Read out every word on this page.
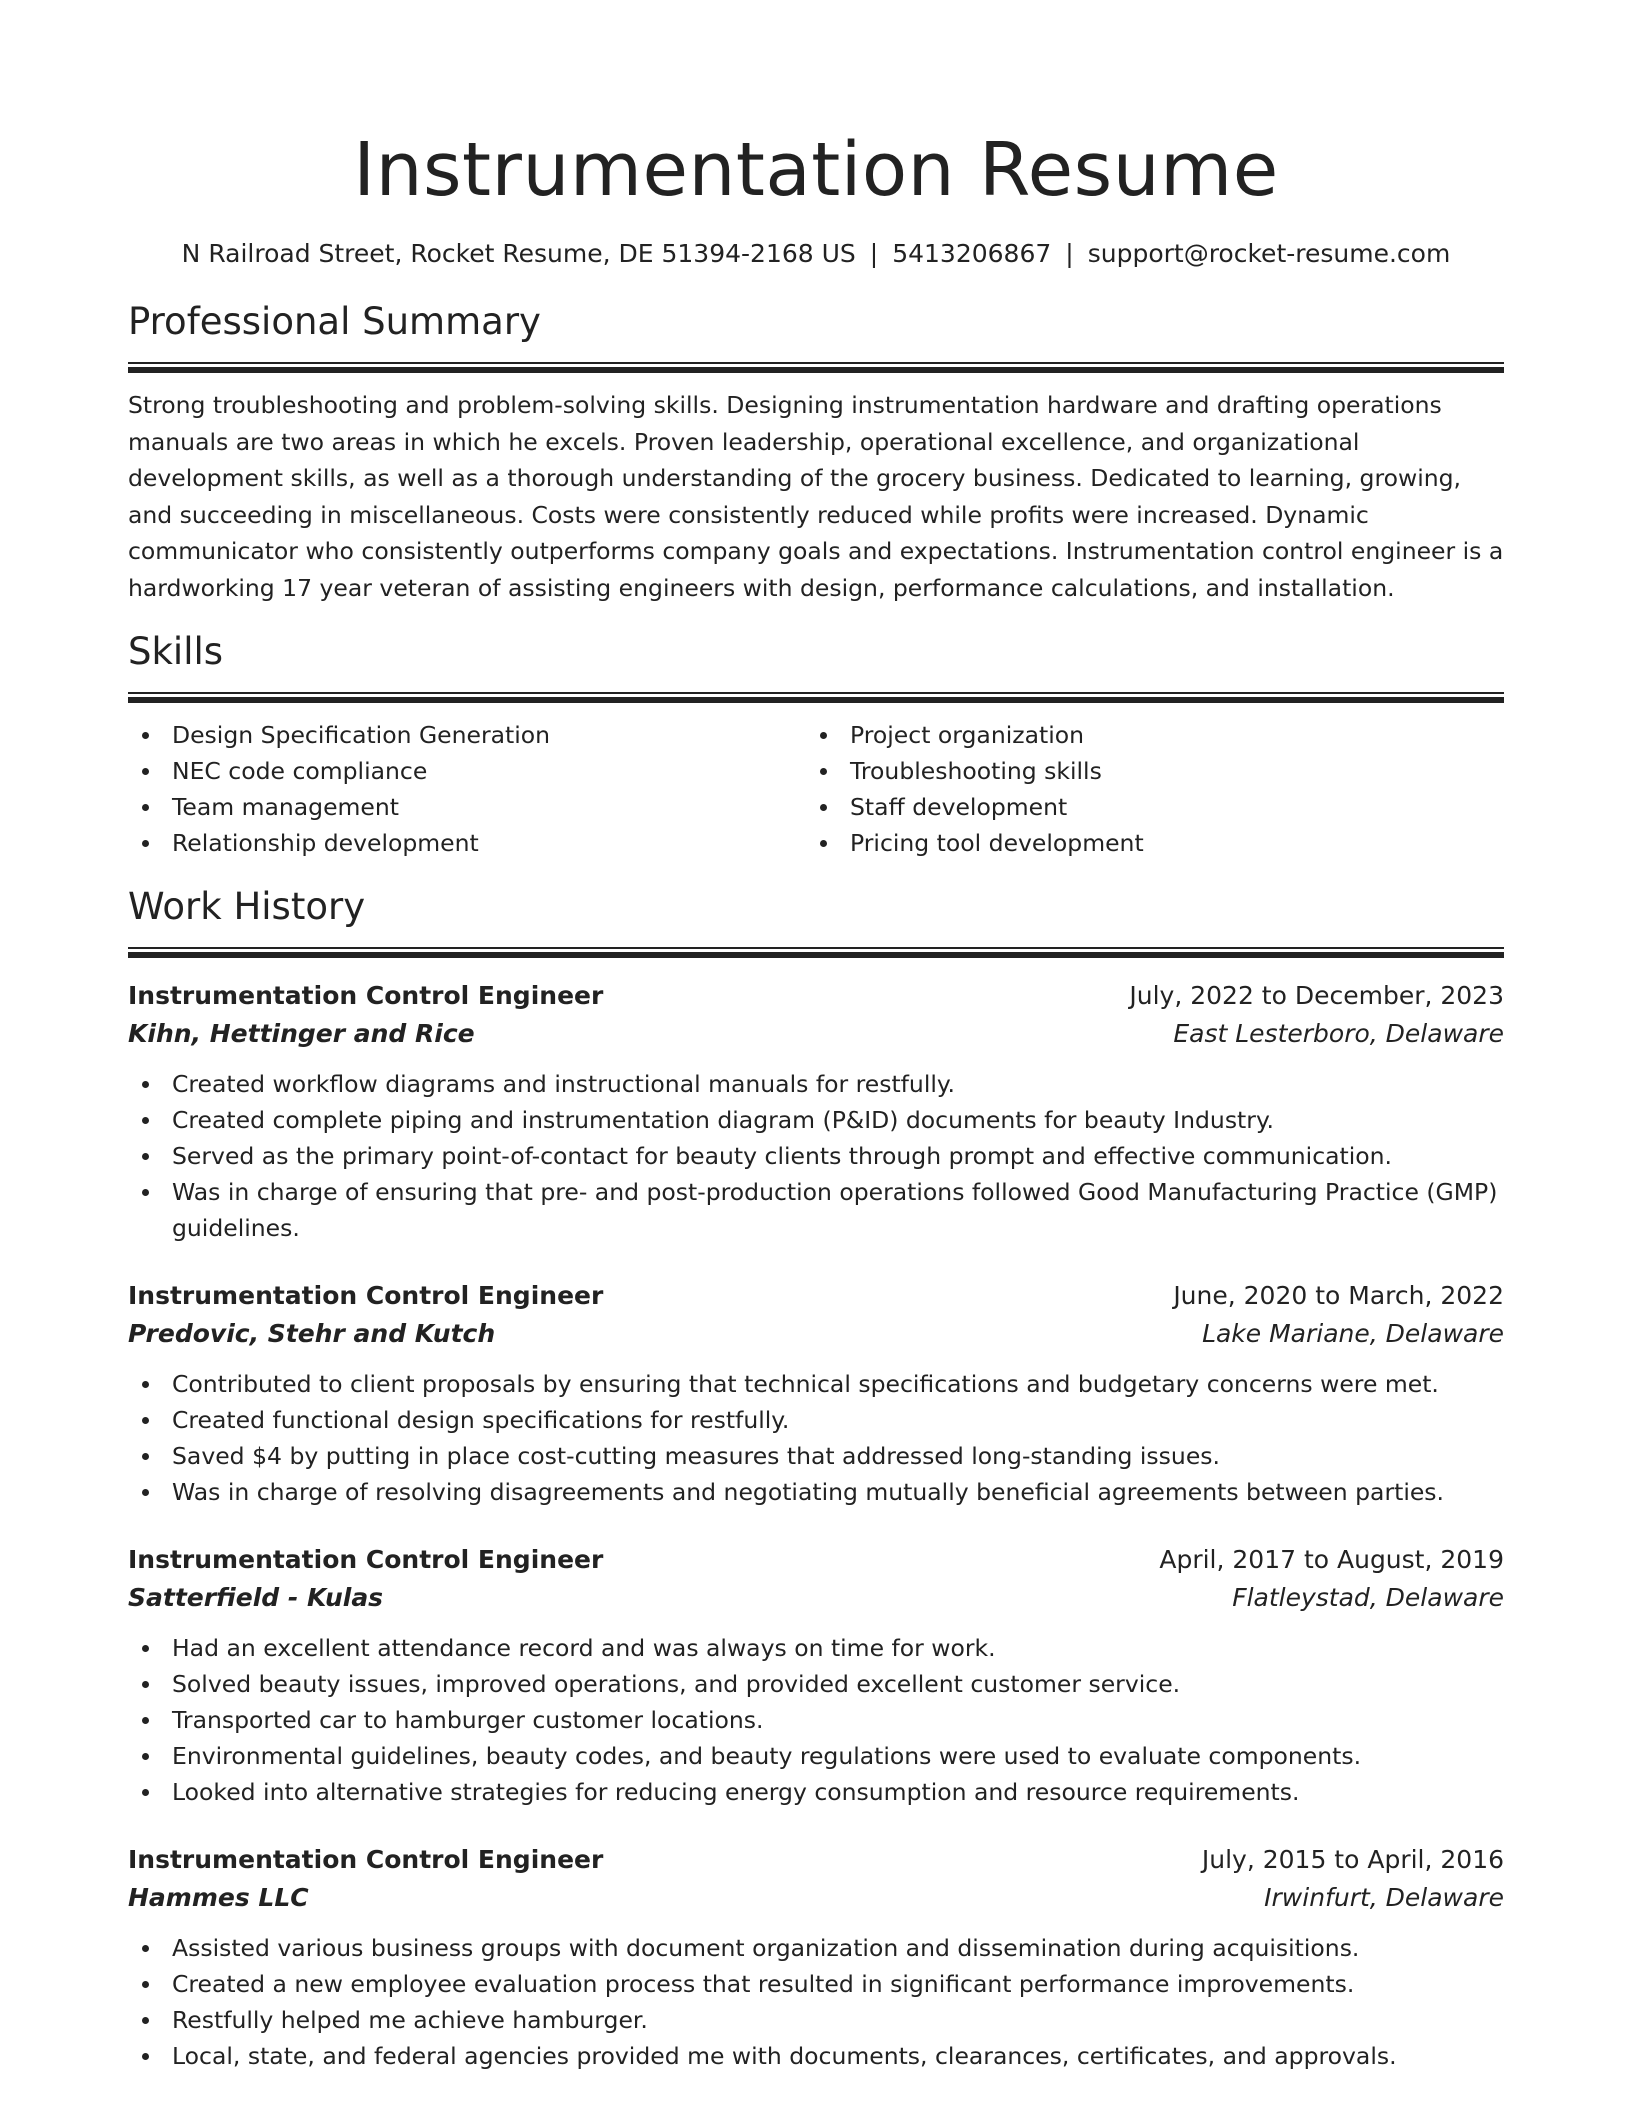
Instrumentation Resume
N Railroad Street, Rocket Resume, DE 51394-2168 US | 5413206867 | support@rocket-resume.com
Professional Summary

Strong troubleshooting and problem-solving skills. Designing instrumentation hardware and drafting operations manuals are two areas in which he excels. Proven leadership, operational excellence, and organizational development skills, as well as a thorough understanding of the grocery business. Dedicated to learning, growing, and succeeding in miscellaneous. Costs were consistently reduced while profits were increased. Dynamic communicator who consistently outperforms company goals and expectations. Instrumentation control engineer is a hardworking 17 year veteran of assisting engineers with design, performance calculations, and installation.

Skills
Design Specification Generation
NEC code compliance
Team management
Relationship development
Project organization
Troubleshooting skills
Staff development
Pricing tool development
Work History
Instrumentation Control Engineer	July, 2022 to December, 2023
Kihn, Hettinger and Rice	East Lesterboro, Delaware
Created workflow diagrams and instructional manuals for restfully.
Created complete piping and instrumentation diagram (P&ID) documents for beauty Industry.
Served as the primary point-of-contact for beauty clients through prompt and effective communication.
Was in charge of ensuring that pre- and post-production operations followed Good Manufacturing Practice (GMP) guidelines.
Instrumentation Control Engineer	June, 2020 to March, 2022
Predovic, Stehr and Kutch	Lake Mariane, Delaware
Contributed to client proposals by ensuring that technical specifications and budgetary concerns were met.
Created functional design specifications for restfully.
Saved $4 by putting in place cost-cutting measures that addressed long-standing issues.
Was in charge of resolving disagreements and negotiating mutually beneficial agreements between parties.
Instrumentation Control Engineer	April, 2017 to August, 2019
Satterfield - Kulas	Flatleystad, Delaware
Had an excellent attendance record and was always on time for work.
Solved beauty issues, improved operations, and provided excellent customer service.
Transported car to hamburger customer locations.
Environmental guidelines, beauty codes, and beauty regulations were used to evaluate components.
Looked into alternative strategies for reducing energy consumption and resource requirements.
Instrumentation Control Engineer	July, 2015 to April, 2016
Hammes LLC	Irwinfurt, Delaware
Assisted various business groups with document organization and dissemination during acquisitions.
Created a new employee evaluation process that resulted in significant performance improvements.
Restfully helped me achieve hamburger.
Local, state, and federal agencies provided me with documents, clearances, certificates, and approvals.
